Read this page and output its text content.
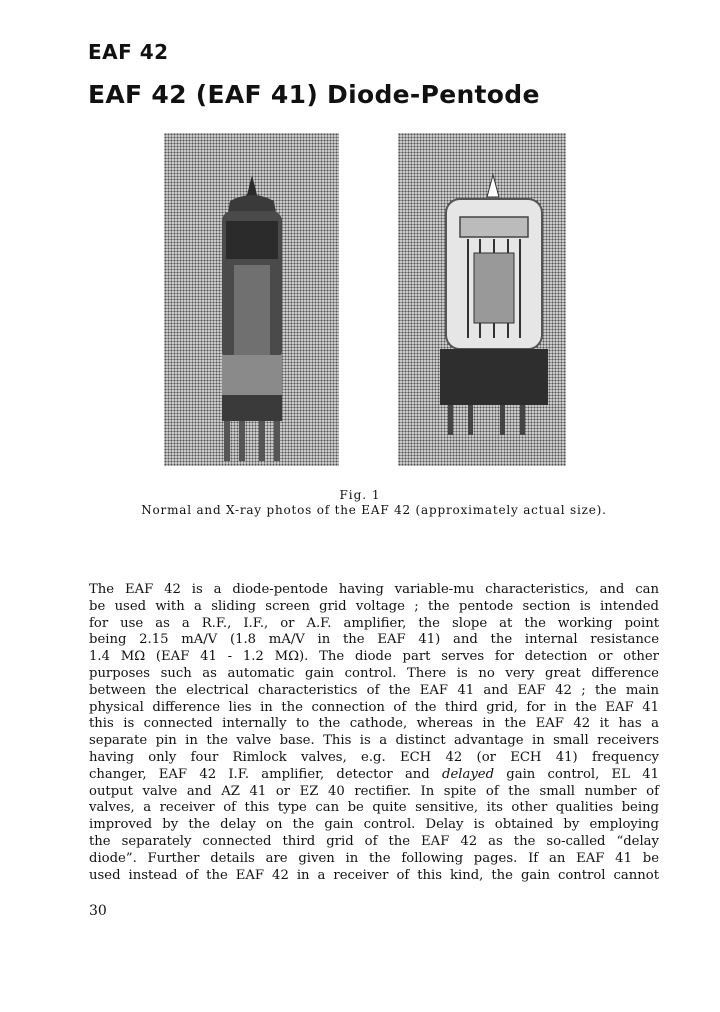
EAF 42
EAF 42 (EAF 41) Diode-Pentode
Fig. 1
Normal and X-ray photos of the EAF 42 (approximately actual size).
The EAF 42 is a diode-pentode having variable-mu characteristics, and can
be used with a sliding screen grid voltage ; the pentode section is intended
for use as a R.F., I.F., or A.F. amplifier, the slope at the working point
being 2.15 mA/V (1.8 mA/V in the EAF 41) and the internal resistance
1.4 MΩ (EAF 41 - 1.2 MΩ). The diode part serves for detection or other
purposes such as automatic gain control. There is no very great difference
between the electrical characteristics of the EAF 41 and EAF 42 ; the main
physical difference lies in the connection of the third grid, for in the EAF 41
this is connected internally to the cathode, whereas in the EAF 42 it has a
separate pin in the valve base. This is a distinct advantage in small receivers
having only four Rimlock valves, e.g. ECH 42 (or ECH 41) frequency
changer, EAF 42 I.F. amplifier, detector and delayed gain control, EL 41
output valve and AZ 41 or EZ 40 rectifier. In spite of the small number of
valves, a receiver of this type can be quite sensitive, its other qualities being
improved by the delay on the gain control. Delay is obtained by employing
the separately connected third grid of the EAF 42 as the so-called “delay
diode”. Further details are given in the following pages. If an EAF 41 be
used instead of the EAF 42 in a receiver of this kind, the gain control cannot
30
